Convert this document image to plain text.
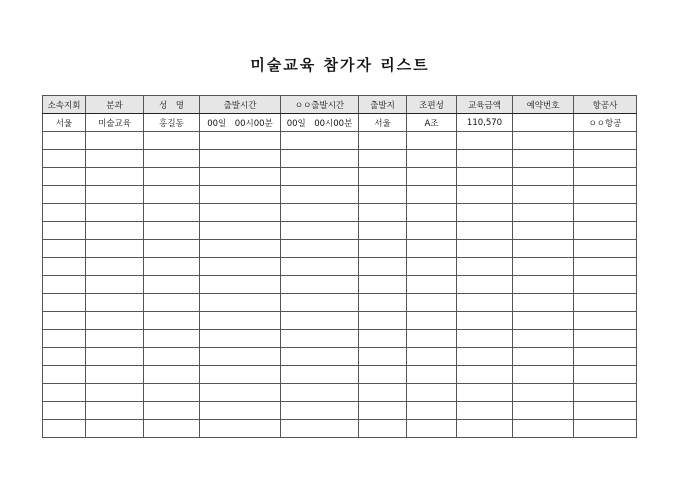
미술교육 참가자 리스트
소속지회	분과	성　명	출발시간	ㅇㅇ출발시간	출발지	조편성	교육금액	예약번호	항공사
서울	미술교육	홍길동	00일　00시00분	00일　00시00분	서울	A조	110,570		ㅇㅇ항공
